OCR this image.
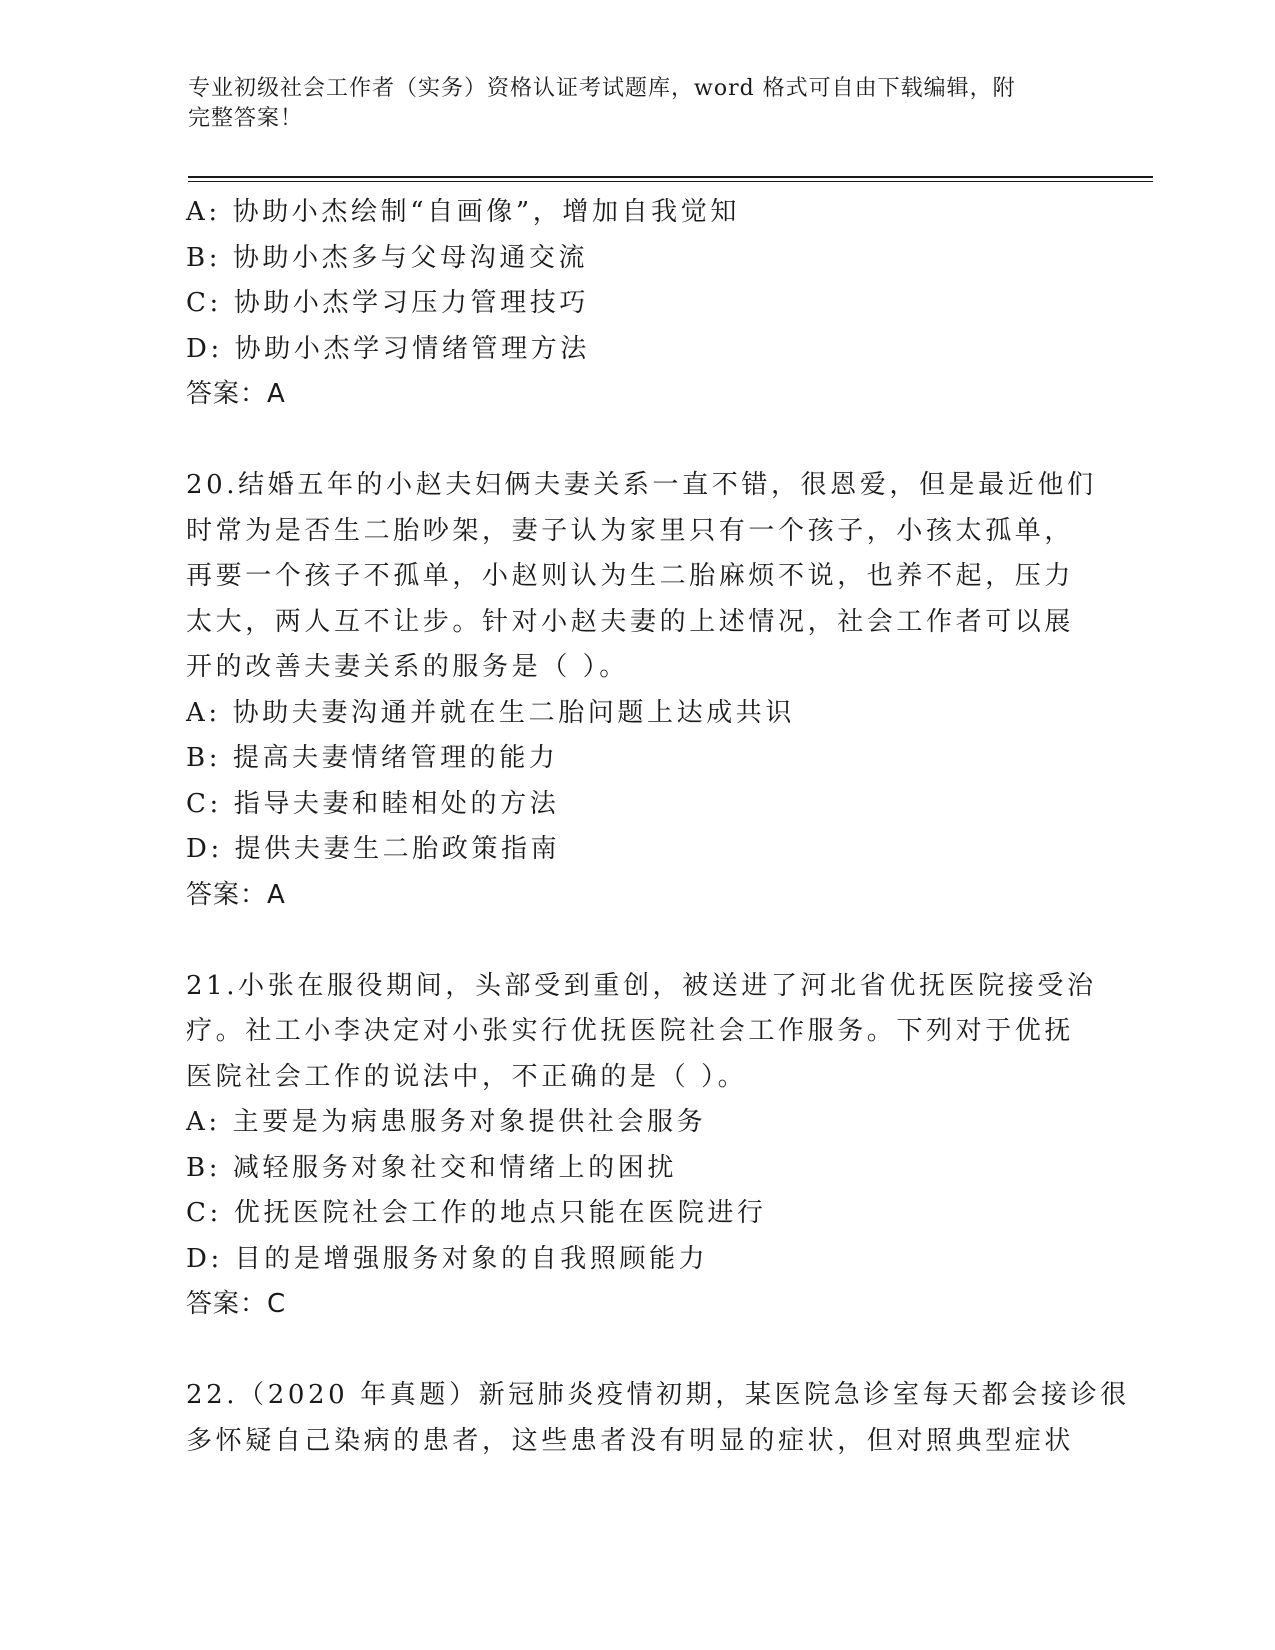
专业初级社会工作者（实务）资格认证考试题库，word 格式可自由下载编辑，附
完整答案！
A: 协助小杰绘制“自画像”，增加自我觉知
B: 协助小杰多与父母沟通交流
C: 协助小杰学习压力管理技巧
D: 协助小杰学习情绪管理方法
答案：A
20.结婚五年的小赵夫妇俩夫妻关系一直不错，很恩爱，但是最近他们
时常为是否生二胎吵架，妻子认为家里只有一个孩子，小孩太孤单，
再要一个孩子不孤单，小赵则认为生二胎麻烦不说，也养不起，压力
太大，两人互不让步。针对小赵夫妻的上述情况，社会工作者可以展
开的改善夫妻关系的服务是（ ）。
A: 协助夫妻沟通并就在生二胎问题上达成共识
B: 提高夫妻情绪管理的能力
C: 指导夫妻和睦相处的方法
D: 提供夫妻生二胎政策指南
答案：A
21.小张在服役期间，头部受到重创，被送进了河北省优抚医院接受治
疗。社工小李决定对小张实行优抚医院社会工作服务。下列对于优抚
医院社会工作的说法中，不正确的是（ ）。
A: 主要是为病患服务对象提供社会服务
B: 减轻服务对象社交和情绪上的困扰
C: 优抚医院社会工作的地点只能在医院进行
D: 目的是增强服务对象的自我照顾能力
答案：C
22.（2020 年真题）新冠肺炎疫情初期，某医院急诊室每天都会接诊很
多怀疑自己染病的患者，这些患者没有明显的症状，但对照典型症状
